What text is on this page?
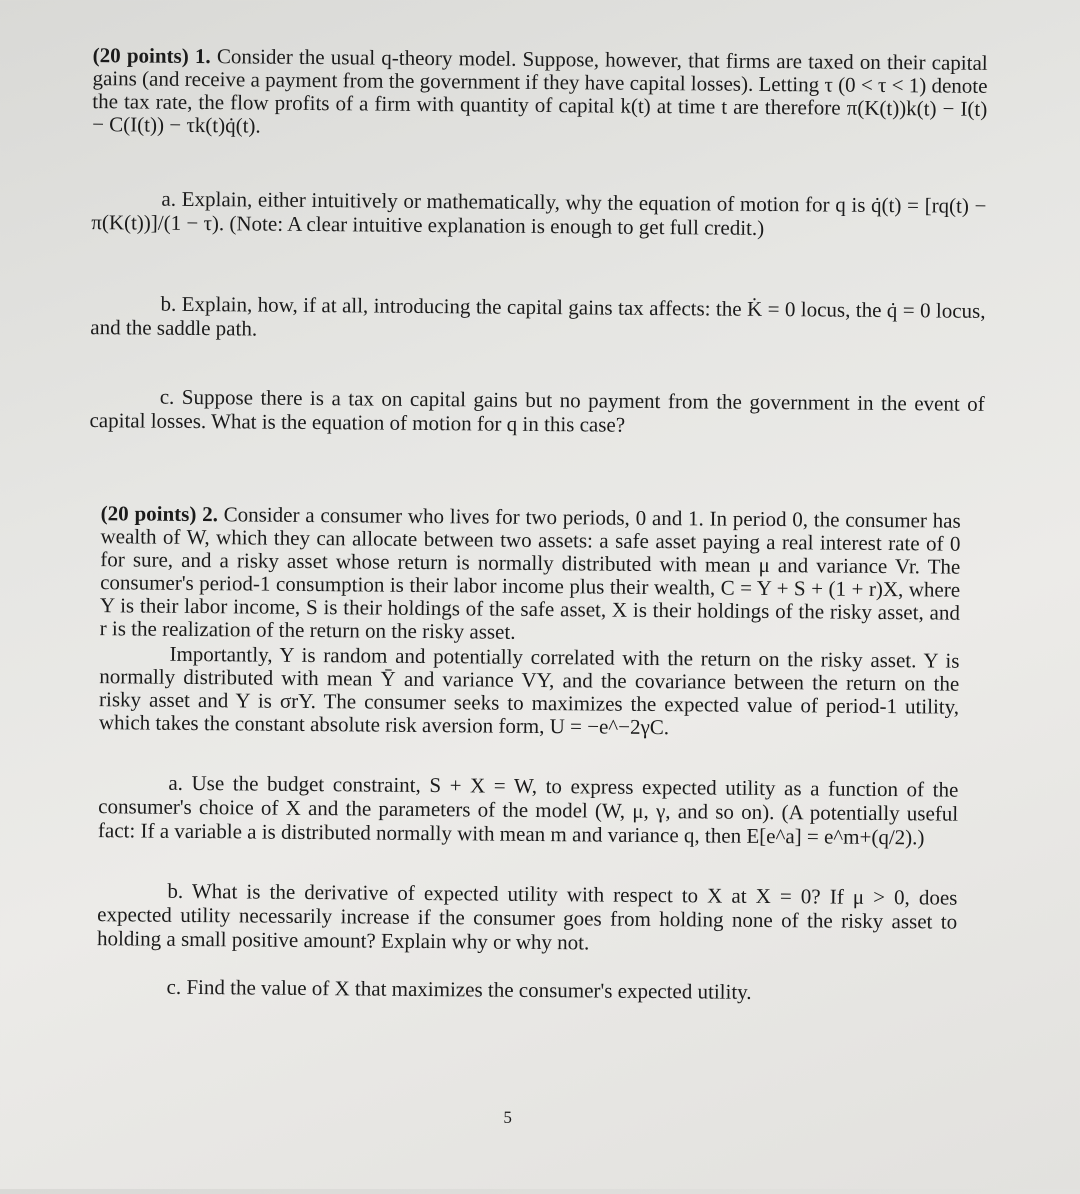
(20 points) 1. Consider the usual q-theory model. Suppose, however, that firms are taxed on their capital gains (and receive a payment from the government if they have capital losses). Letting τ (0 < τ < 1) denote the tax rate, the flow profits of a firm with quantity of capital k(t) at time t are therefore π(K(t))k(t) − I(t) − C(I(t)) − τk(t)q̇(t).

a. Explain, either intuitively or mathematically, why the equation of motion for q is q̇(t) = [rq(t) − π(K(t))]/(1 − τ). (Note: A clear intuitive explanation is enough to get full credit.)

b. Explain, how, if at all, introducing the capital gains tax affects: the K̇ = 0 locus, the q̇ = 0 locus, and the saddle path.

c. Suppose there is a tax on capital gains but no payment from the government in the event of capital losses. What is the equation of motion for q in this case?

(20 points) 2. Consider a consumer who lives for two periods, 0 and 1. In period 0, the consumer has wealth of W, which they can allocate between two assets: a safe asset paying a real interest rate of 0 for sure, and a risky asset whose return is normally distributed with mean μ and variance Vr. The consumer's period-1 consumption is their labor income plus their wealth, C = Y + S + (1 + r)X, where Y is their labor income, S is their holdings of the safe asset, X is their holdings of the risky asset, and r is the realization of the return on the risky asset.

Importantly, Y is random and potentially correlated with the return on the risky asset. Y is normally distributed with mean Ȳ and variance VY, and the covariance between the return on the risky asset and Y is σrY. The consumer seeks to maximizes the expected value of period-1 utility, which takes the constant absolute risk aversion form, U = −e^−2γC.

a. Use the budget constraint, S + X = W, to express expected utility as a function of the consumer's choice of X and the parameters of the model (W, μ, γ, and so on). (A potentially useful fact: If a variable a is distributed normally with mean m and variance q, then E[e^a] = e^m+(q/2).)

b. What is the derivative of expected utility with respect to X at X = 0? If μ > 0, does expected utility necessarily increase if the consumer goes from holding none of the risky asset to holding a small positive amount? Explain why or why not.

c. Find the value of X that maximizes the consumer's expected utility.

5
